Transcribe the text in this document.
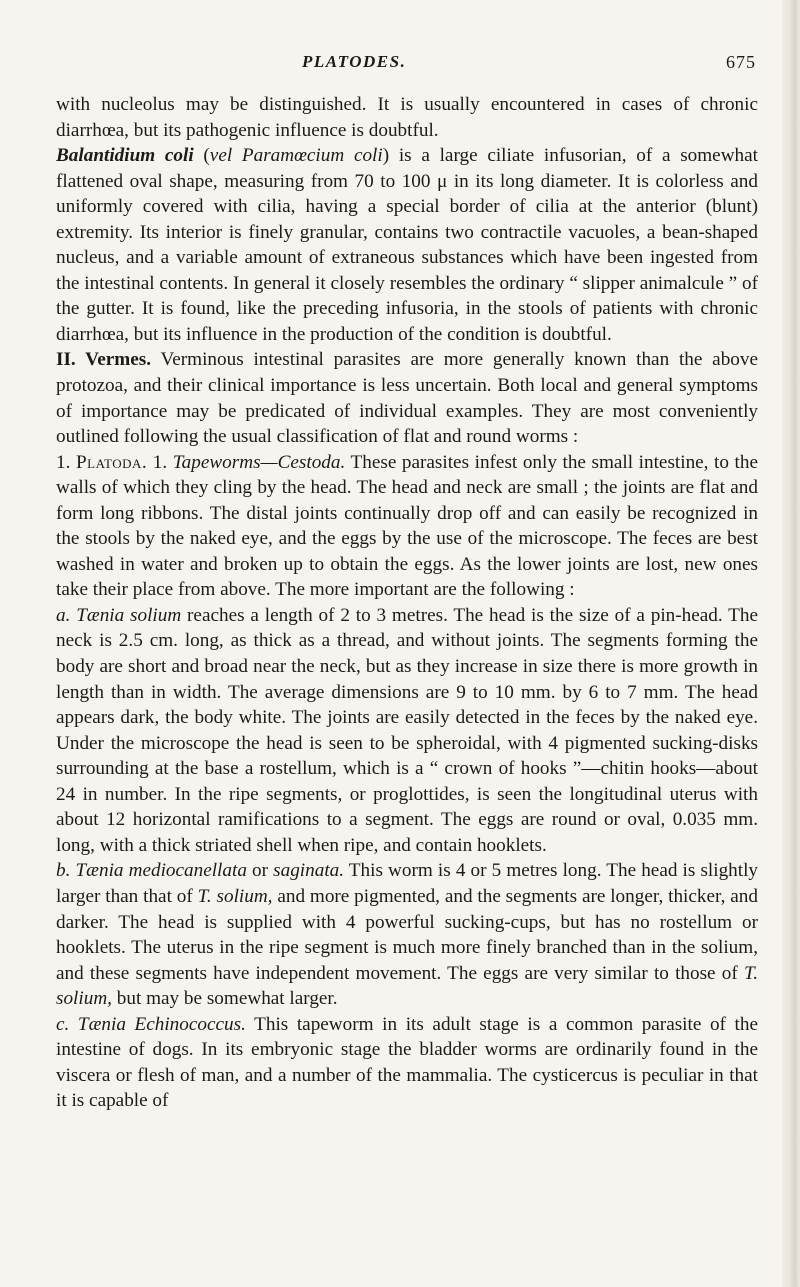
PLATODES.	675

with nucleolus may be distinguished. It is usually encountered in cases of chronic diarrhœa, but its pathogenic influence is doubtful.

Balantidium coli (vel Paramœcium coli) is a large ciliate infusorian, of a somewhat flattened oval shape, measuring from 70 to 100 μ in its long diameter. It is colorless and uniformly covered with cilia, having a special border of cilia at the anterior (blunt) extremity. Its interior is finely granular, contains two contractile vacuoles, a bean-shaped nucleus, and a variable amount of extraneous substances which have been ingested from the intestinal contents. In general it closely resembles the ordinary “ slipper animalcule ” of the gutter. It is found, like the preceding infusoria, in the stools of patients with chronic diarrhœa, but its influence in the production of the condition is doubtful.

II. Vermes. Verminous intestinal parasites are more generally known than the above protozoa, and their clinical importance is less uncertain. Both local and general symptoms of importance may be predicated of individual examples. They are most conveniently outlined following the usual classification of flat and round worms :

1. Platoda. 1. Tapeworms—Cestoda. These parasites infest only the small intestine, to the walls of which they cling by the head. The head and neck are small ; the joints are flat and form long ribbons. The distal joints continually drop off and can easily be recognized in the stools by the naked eye, and the eggs by the use of the microscope. The feces are best washed in water and broken up to obtain the eggs. As the lower joints are lost, new ones take their place from above. The more important are the following :

a. Tænia solium reaches a length of 2 to 3 metres. The head is the size of a pin-head. The neck is 2.5 cm. long, as thick as a thread, and without joints. The segments forming the body are short and broad near the neck, but as they increase in size there is more growth in length than in width. The average dimensions are 9 to 10 mm. by 6 to 7 mm. The head appears dark, the body white. The joints are easily detected in the feces by the naked eye. Under the microscope the head is seen to be spheroidal, with 4 pigmented sucking-disks surrounding at the base a rostellum, which is a “ crown of hooks ”—chitin hooks—about 24 in number. In the ripe segments, or proglottides, is seen the longitudinal uterus with about 12 horizontal ramifications to a segment. The eggs are round or oval, 0.035 mm. long, with a thick striated shell when ripe, and contain hooklets.

b. Tænia mediocanellata or saginata. This worm is 4 or 5 metres long. The head is slightly larger than that of T. solium, and more pigmented, and the segments are longer, thicker, and darker. The head is supplied with 4 powerful sucking-cups, but has no rostellum or hooklets. The uterus in the ripe segment is much more finely branched than in the solium, and these segments have independent movement. The eggs are very similar to those of T. solium, but may be somewhat larger.

c. Tænia Echinococcus. This tapeworm in its adult stage is a common parasite of the intestine of dogs. In its embryonic stage the bladder worms are ordinarily found in the viscera or flesh of man, and a number of the mammalia. The cysticercus is peculiar in that it is capable of
